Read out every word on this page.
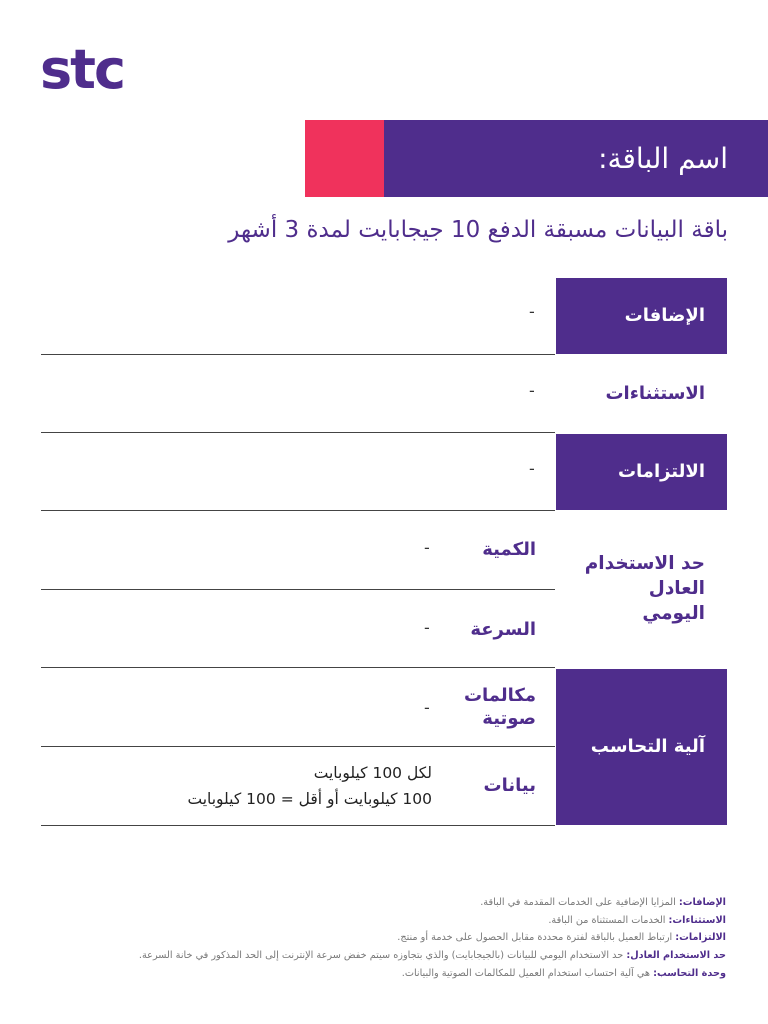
stc
اسم الباقة:
باقة البيانات مسبقة الدفع 10 جيجابايت لمدة 3 أشهر
الإضافات
-
الاستثناءات
-
الالتزامات
-
حد الاستخدام العادل اليومي
الكمية
-
السرعة
-
آلية التحاسب
مكالمات صوتية
-
بيانات
لكل 100 كيلوبايت
100 كيلوبايت أو أقل = 100 كيلوبايت
الإضافات: المزايا الإضافية على الخدمات المقدمة في الباقة.
الاستثناءات: الخدمات المستثناة من الباقة.
الالتزامات: ارتباط العميل بالباقة لفترة محددة مقابل الحصول على خدمة أو منتج.
حد الاستخدام العادل: حد الاستخدام اليومي للبيانات (بالجيجابايت) والذي بتجاوزه سيتم خفض سرعة الإنترنت إلى الحد المذكور في خانة السرعة.
وحدة التحاسب: هي آلية احتساب استخدام العميل للمكالمات الصوتية والبيانات.
